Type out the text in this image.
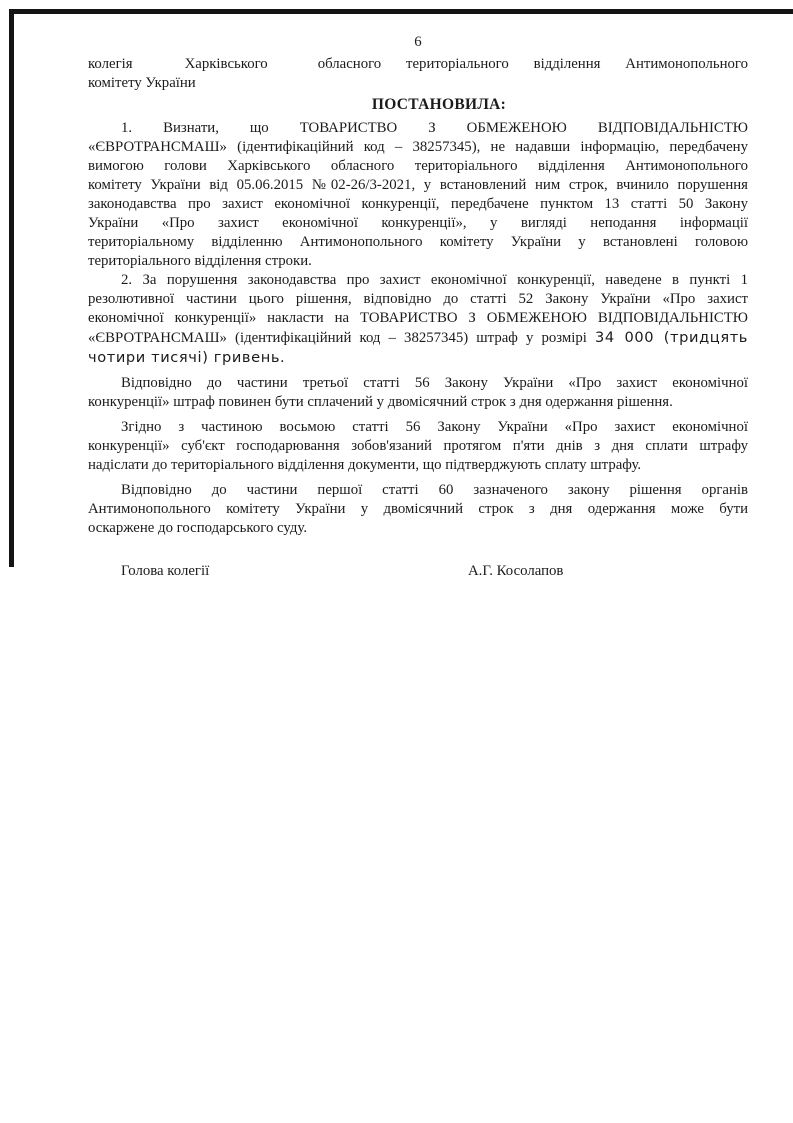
6
колегія	Харківського	обласного територіального відділення Антимонопольного
комітету України
ПОСТАНОВИЛА:
1. Визнати, що ТОВАРИСТВО З ОБМЕЖЕНОЮ ВІДПОВІДАЛЬНІСТЮ
«ЄВРОТРАНСМАШ» (ідентифікаційний код – 38257345), не надавши інформацію, передбачену
вимогою голови Харківського обласного територіального відділення Антимонопольного
комітету України від 05.06.2015 №02-26/3-2021, у встановлений ним строк, вчинило порушення
законодавства про захист економічної конкуренції, передбачене пунктом 13 статті 50 Закону
України «Про захист економічної конкуренції», у вигляді неподання інформації
територіальному відділенню Антимонопольного комітету України у встановлені головою
територіального відділення строки.
2. За порушення законодавства про захист економічної конкуренції, наведене в пункті 1
резолютивної частини цього рішення, відповідно до статті 52 Закону України «Про захист
економічної конкуренції» накласти на ТОВАРИСТВО З ОБМЕЖЕНОЮ ВІДПОВІДАЛЬНІСТЮ
«ЄВРОТРАНСМАШ» (ідентифікаційний код – 38257345) штраф у розмірі 34 000 (тридцять
чотири тисячі) гривень.
Відповідно до частини третьої статті 56 Закону України «Про захист економічної
конкуренції» штраф повинен бути сплачений у двомісячний строк з дня одержання рішення.
Згідно з частиною восьмою статті 56 Закону України «Про захист економічної
конкуренції» суб'єкт господарювання зобов'язаний протягом п'яти днів з дня сплати штрафу
надіслати до територіального відділення документи, що підтверджують сплату штрафу.
Відповідно до частини першої статті 60 зазначеного закону рішення органів
Антимонопольного комітету України у двомісячний строк з дня одержання може бути
оскаржене до господарського суду.
Голова колегії	А.Г. Косолапов
